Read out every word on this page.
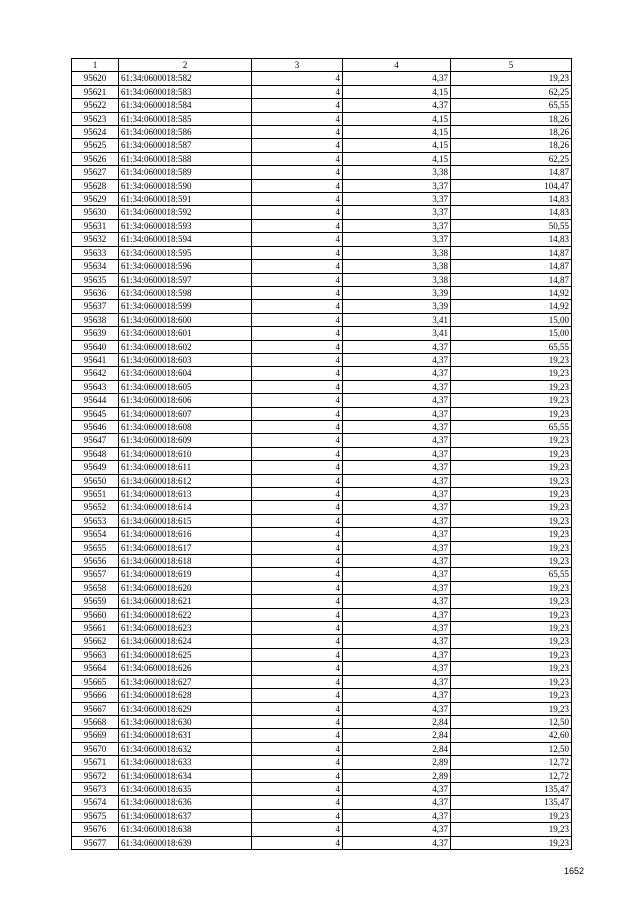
1	2	3	4	5
95620	61:34:0600018:582	4	4,37	19,23
95621	61:34:0600018:583	4	4,15	62,25
95622	61:34:0600018:584	4	4,37	65,55
95623	61:34:0600018:585	4	4,15	18,26
95624	61:34:0600018:586	4	4,15	18,26
95625	61:34:0600018:587	4	4,15	18,26
95626	61:34:0600018:588	4	4,15	62,25
95627	61:34:0600018:589	4	3,38	14,87
95628	61:34:0600018:590	4	3,37	104,47
95629	61:34:0600018:591	4	3,37	14,83
95630	61:34:0600018:592	4	3,37	14,83
95631	61:34:0600018:593	4	3,37	50,55
95632	61:34:0600018:594	4	3,37	14,83
95633	61:34:0600018:595	4	3,38	14,87
95634	61:34:0600018:596	4	3,38	14,87
95635	61:34:0600018:597	4	3,38	14,87
95636	61:34:0600018:598	4	3,39	14,92
95637	61:34:0600018:599	4	3,39	14,92
95638	61:34:0600018:600	4	3,41	15,00
95639	61:34:0600018:601	4	3,41	15,00
95640	61:34:0600018:602	4	4,37	65,55
95641	61:34:0600018:603	4	4,37	19,23
95642	61:34:0600018:604	4	4,37	19,23
95643	61:34:0600018:605	4	4,37	19,23
95644	61:34:0600018:606	4	4,37	19,23
95645	61:34:0600018:607	4	4,37	19,23
95646	61:34:0600018:608	4	4,37	65,55
95647	61:34:0600018:609	4	4,37	19,23
95648	61:34:0600018:610	4	4,37	19,23
95649	61:34:0600018:611	4	4,37	19,23
95650	61:34:0600018:612	4	4,37	19,23
95651	61:34:0600018:613	4	4,37	19,23
95652	61:34:0600018:614	4	4,37	19,23
95653	61:34:0600018:615	4	4,37	19,23
95654	61:34:0600018:616	4	4,37	19,23
95655	61:34:0600018:617	4	4,37	19,23
95656	61:34:0600018:618	4	4,37	19,23
95657	61:34:0600018:619	4	4,37	65,55
95658	61:34:0600018:620	4	4,37	19,23
95659	61:34:0600018:621	4	4,37	19,23
95660	61:34:0600018:622	4	4,37	19,23
95661	61:34:0600018:623	4	4,37	19,23
95662	61:34:0600018:624	4	4,37	19,23
95663	61:34:0600018:625	4	4,37	19,23
95664	61:34:0600018:626	4	4,37	19,23
95665	61:34:0600018:627	4	4,37	19,23
95666	61:34:0600018:628	4	4,37	19,23
95667	61:34:0600018:629	4	4,37	19,23
95668	61:34:0600018:630	4	2,84	12,50
95669	61:34:0600018:631	4	2,84	42,60
95670	61:34:0600018:632	4	2,84	12,50
95671	61:34:0600018:633	4	2,89	12,72
95672	61:34:0600018:634	4	2,89	12,72
95673	61:34:0600018:635	4	4,37	135,47
95674	61:34:0600018:636	4	4,37	135,47
95675	61:34:0600018:637	4	4,37	19,23
95676	61:34:0600018:638	4	4,37	19,23
95677	61:34:0600018:639	4	4,37	19,23
1652
